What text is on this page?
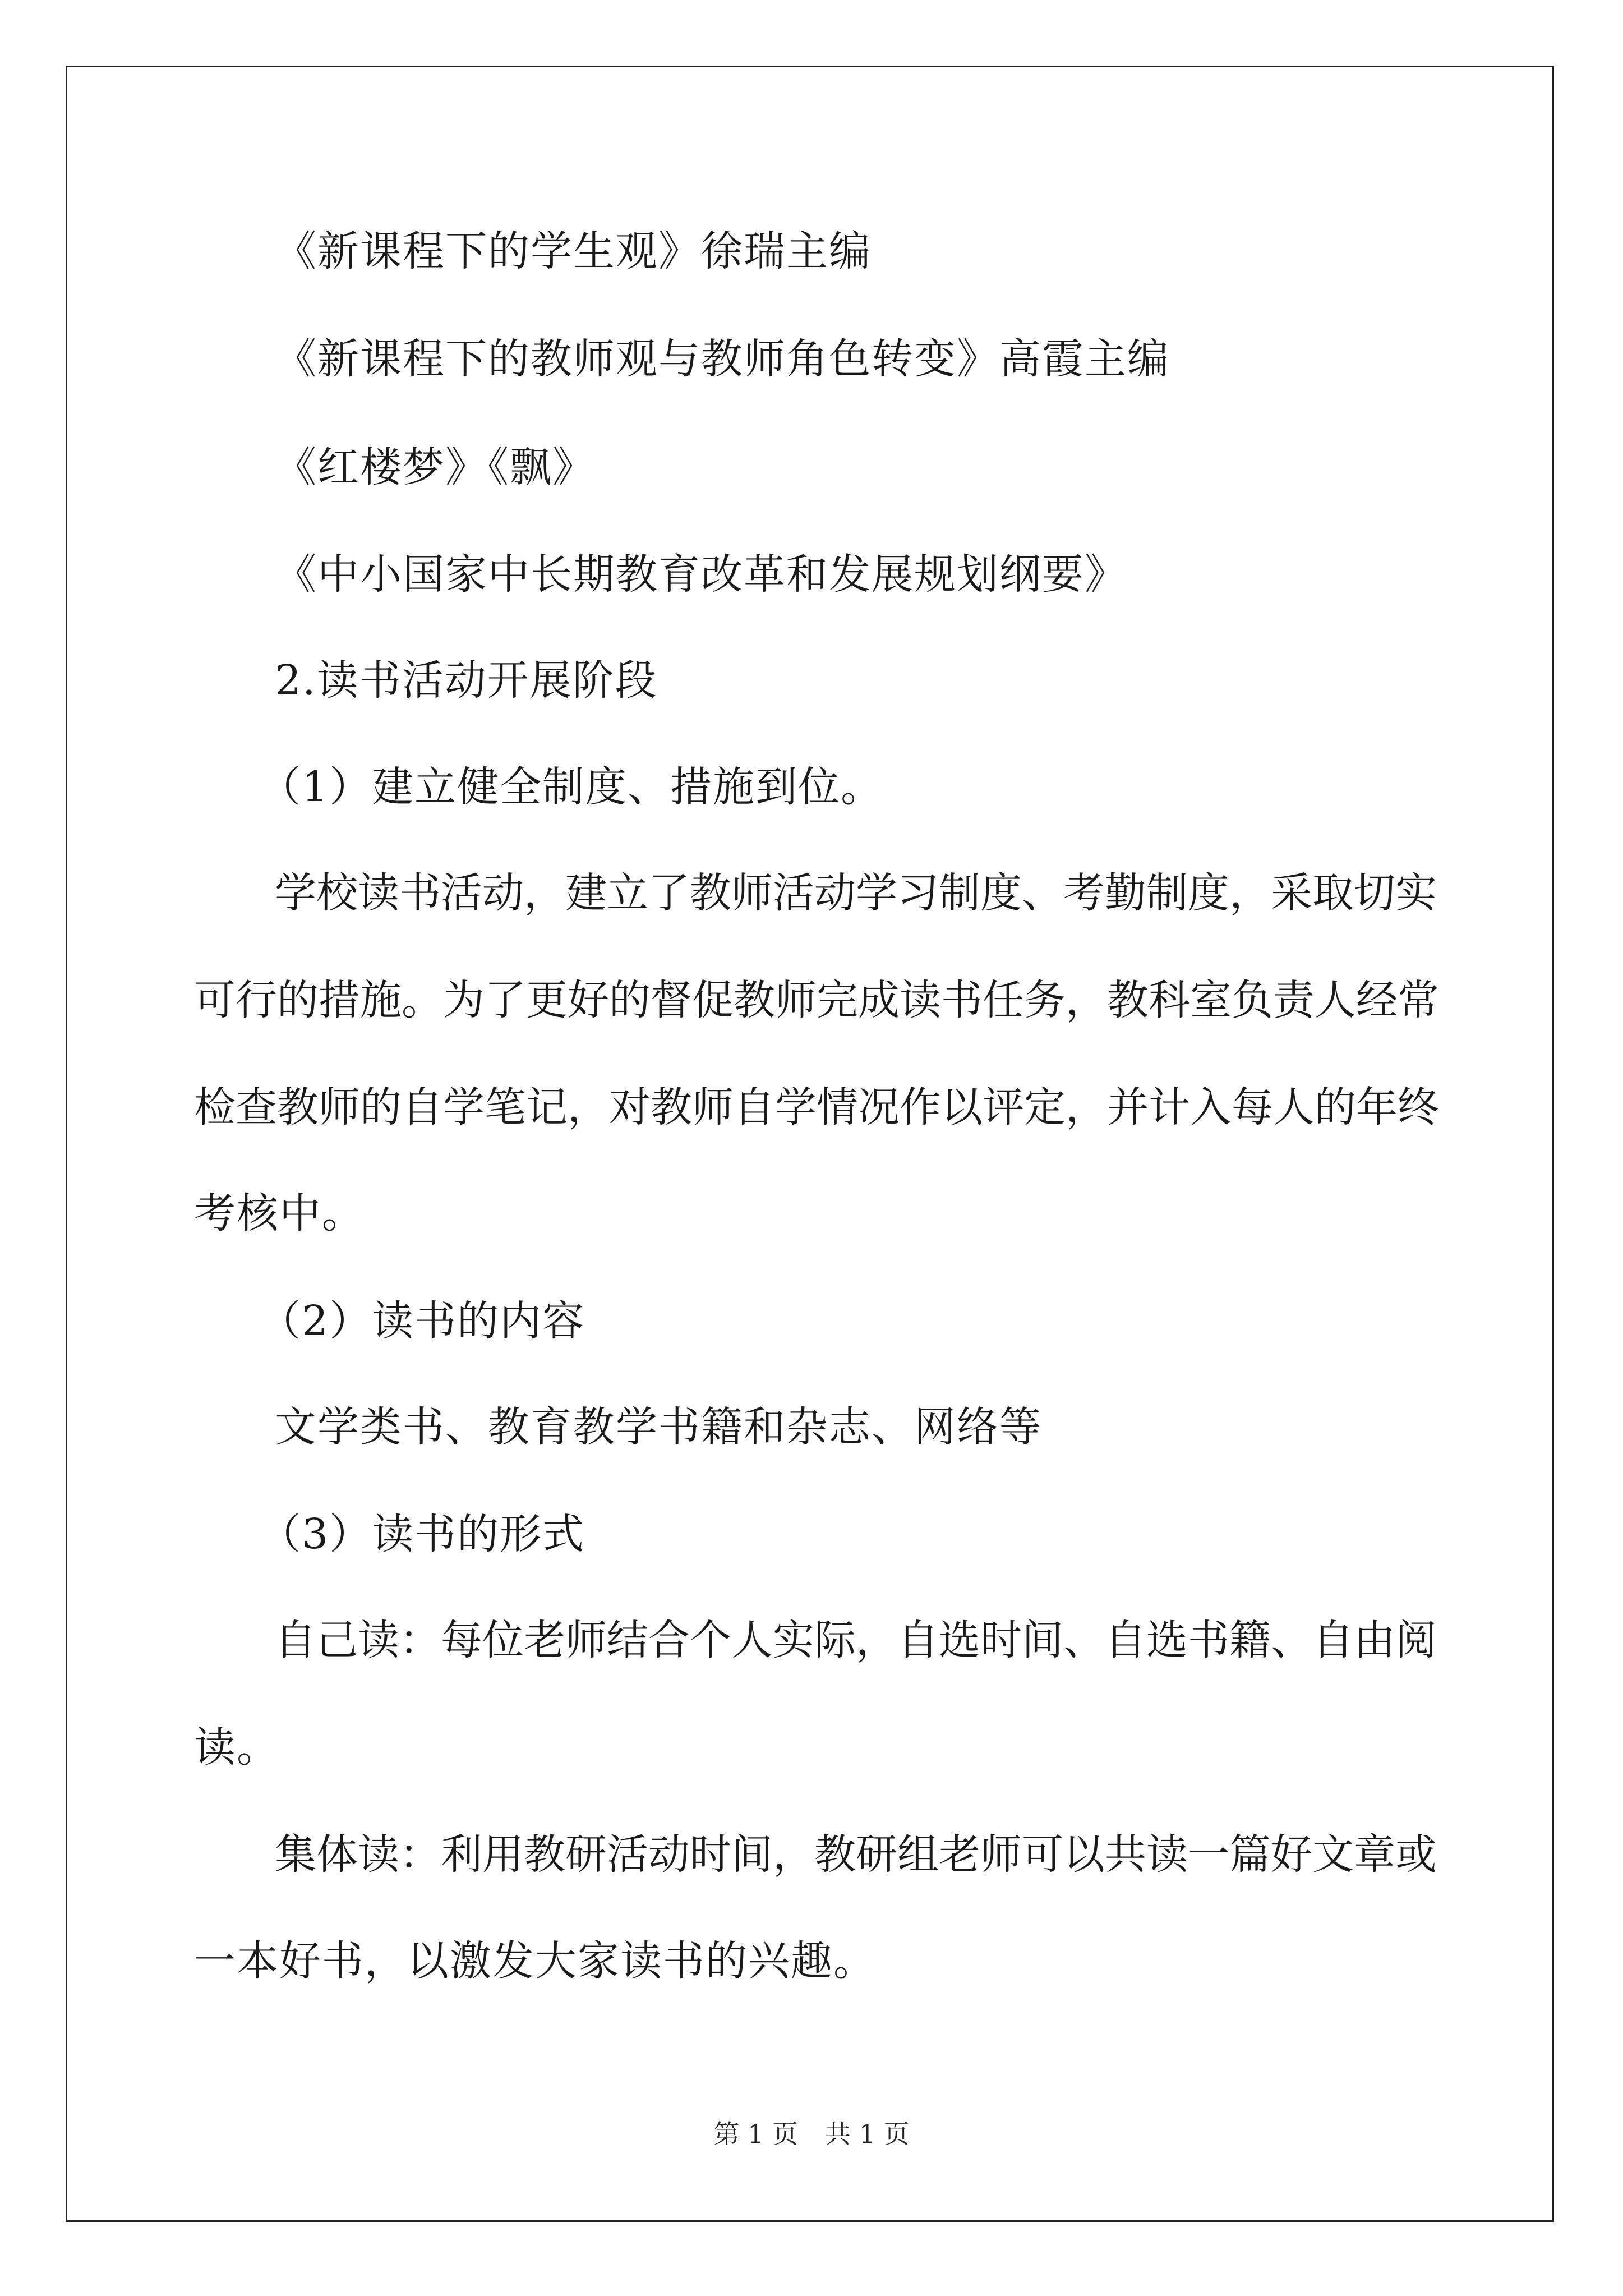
《新课程下的学生观》徐瑞主编
《新课程下的教师观与教师角色转变》高霞主编
《红楼梦》《飘》
《中小国家中长期教育改革和发展规划纲要》
2.读书活动开展阶段
（1）建立健全制度、措施到位。
学校读书活动，建立了教师活动学习制度、考勤制度，采取切实
可行的措施。为了更好的督促教师完成读书任务，教科室负责人经常
检查教师的自学笔记，对教师自学情况作以评定，并计入每人的年终
考核中。
（2）读书的内容
文学类书、教育教学书籍和杂志、网络等
（3）读书的形式
自己读：每位老师结合个人实际，自选时间、自选书籍、自由阅
读。
集体读：利用教研活动时间，教研组老师可以共读一篇好文章或
一本好书，以激发大家读书的兴趣。
第 1 页 共 1 页
